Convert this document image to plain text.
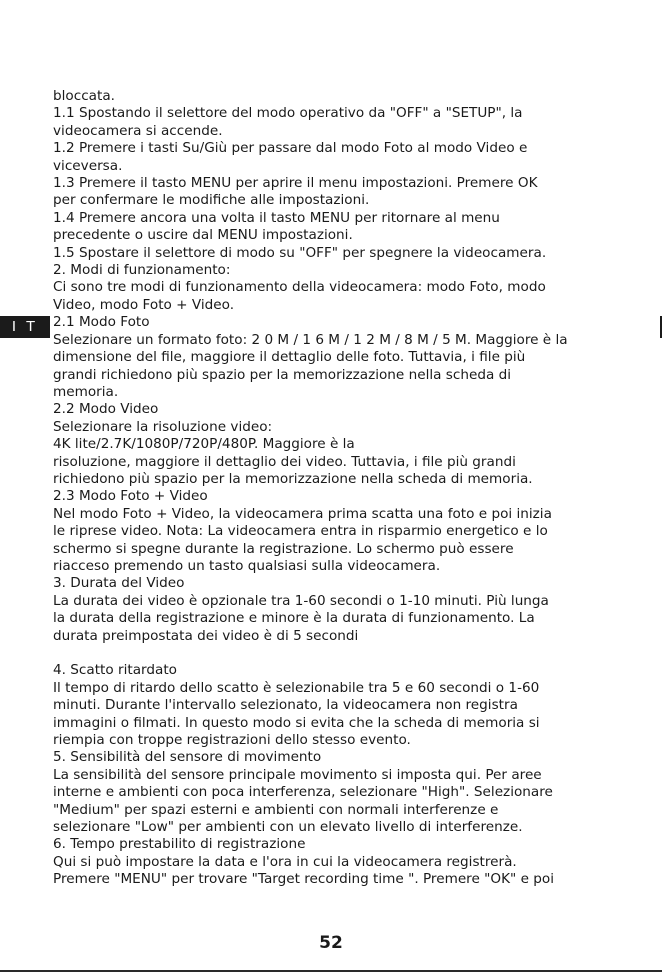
I T
bloccata.
1.1 Spostando il selettore del modo operativo da "OFF" a "SETUP", la
videocamera si accende.
1.2 Premere i tasti Su/Giù per passare dal modo Foto al modo Video e
viceversa.
1.3 Premere il tasto MENU per aprire il menu impostazioni. Premere OK
per confermare le modifiche alle impostazioni.
1.4 Premere ancora una volta il tasto MENU per ritornare al menu
precedente o uscire dal MENU impostazioni.
1.5 Spostare il selettore di modo su "OFF" per spegnere la videocamera.
2. Modi di funzionamento:
Ci sono tre modi di funzionamento della videocamera: modo Foto, modo
Video, modo Foto + Video.
2.1 Modo Foto
Selezionare un formato foto: 2 0 M / 1 6 M / 1 2 M / 8 M / 5 M. Maggiore è la
dimensione del file, maggiore il dettaglio delle foto. Tuttavia, i file più
grandi richiedono più spazio per la memorizzazione nella scheda di
memoria.
2.2 Modo Video
Selezionare la risoluzione video:
4K lite/2.7K/1080P/720P/480P. Maggiore è la
risoluzione, maggiore il dettaglio dei video. Tuttavia, i file più grandi
richiedono più spazio per la memorizzazione nella scheda di memoria.
2.3 Modo Foto + Video
Nel modo Foto + Video, la videocamera prima scatta una foto e poi inizia
le riprese video. Nota: La videocamera entra in risparmio energetico e lo
schermo si spegne durante la registrazione. Lo schermo può essere
riacceso premendo un tasto qualsiasi sulla videocamera.
3. Durata del Video
La durata dei video è opzionale tra 1-60 secondi o 1-10 minuti. Più lunga
la durata della registrazione e minore è la durata di funzionamento. La
durata preimpostata dei video è di 5 secondi
4. Scatto ritardato
Il tempo di ritardo dello scatto è selezionabile tra 5 e 60 secondi o 1-60
minuti. Durante l'intervallo selezionato, la videocamera non registra
immagini o filmati. In questo modo si evita che la scheda di memoria si
riempia con troppe registrazioni dello stesso evento.
5. Sensibilità del sensore di movimento
La sensibilità del sensore principale movimento si imposta qui. Per aree
interne e ambienti con poca interferenza, selezionare "High". Selezionare
"Medium" per spazi esterni e ambienti con normali interferenze e
selezionare "Low" per ambienti con un elevato livello di interferenze.
6. Tempo prestabilito di registrazione
Qui si può impostare la data e l'ora in cui la videocamera registrerà.
Premere "MENU" per trovare "Target recording time ". Premere "OK" e poi
52
